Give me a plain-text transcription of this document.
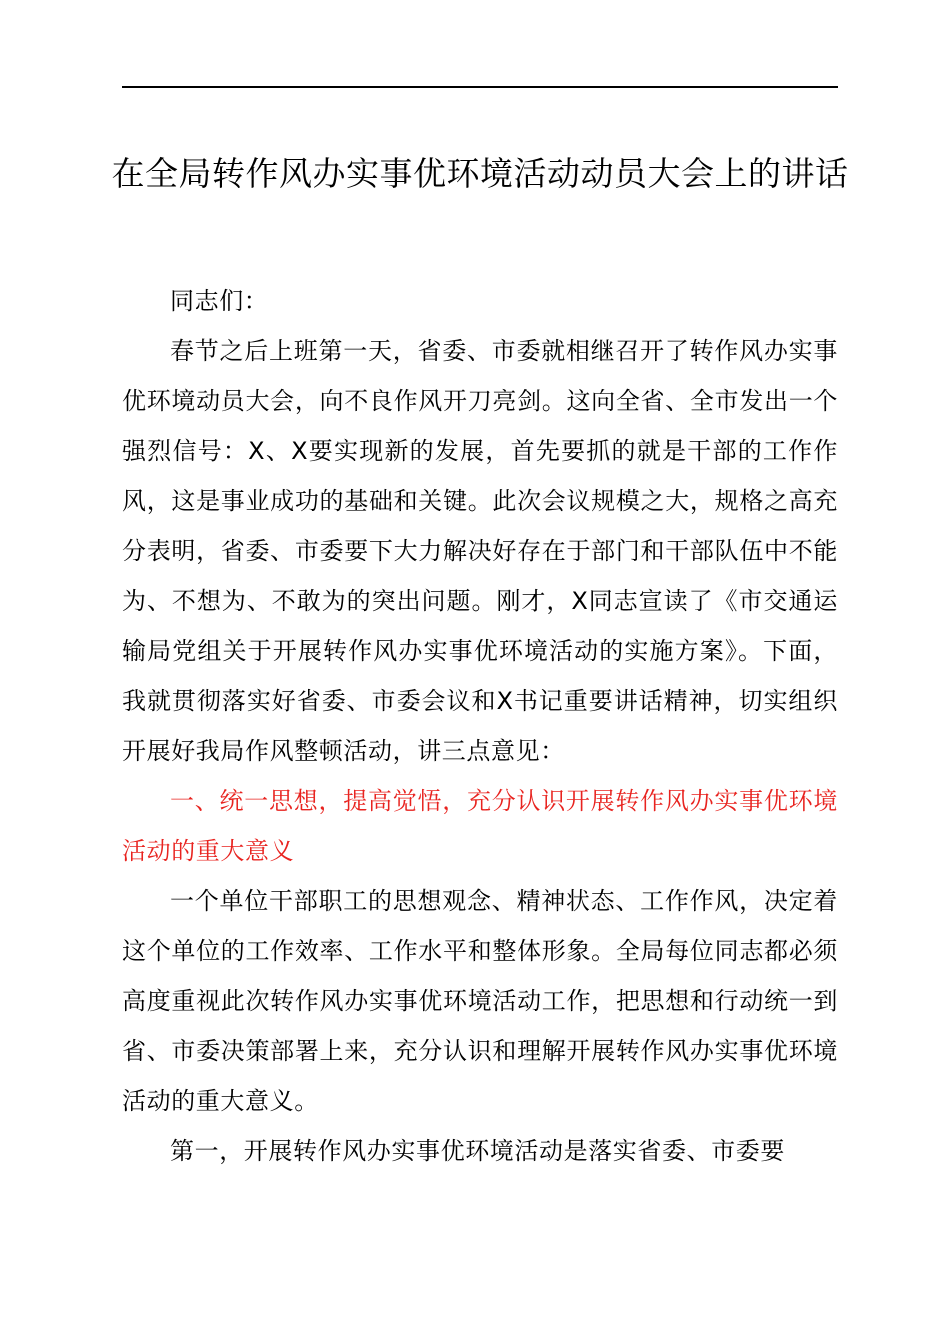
在全局转作风办实事优环境活动动员大会上的讲话

同志们：

春节之后上班第一天，省委、市委就相继召开了转作风办实事优环境动员大会，向不良作风开刀亮剑。这向全省、全市发出一个强烈信号：X、X要实现新的发展，首先要抓的就是干部的工作作风，这是事业成功的基础和关键。此次会议规模之大，规格之高充分表明，省委、市委要下大力解决好存在于部门和干部队伍中不能为、不想为、不敢为的突出问题。刚才，X同志宣读了《市交通运输局党组关于开展转作风办实事优环境活动的实施方案》。下面，我就贯彻落实好省委、市委会议和X书记重要讲话精神，切实组织开展好我局作风整顿活动，讲三点意见：

一、统一思想，提高觉悟，充分认识开展转作风办实事优环境活动的重大意义

一个单位干部职工的思想观念、精神状态、工作作风，决定着这个单位的工作效率、工作水平和整体形象。全局每位同志都必须高度重视此次转作风办实事优环境活动工作，把思想和行动统一到省、市委决策部署上来，充分认识和理解开展转作风办实事优环境活动的重大意义。

第一，开展转作风办实事优环境活动是落实省委、市委要
